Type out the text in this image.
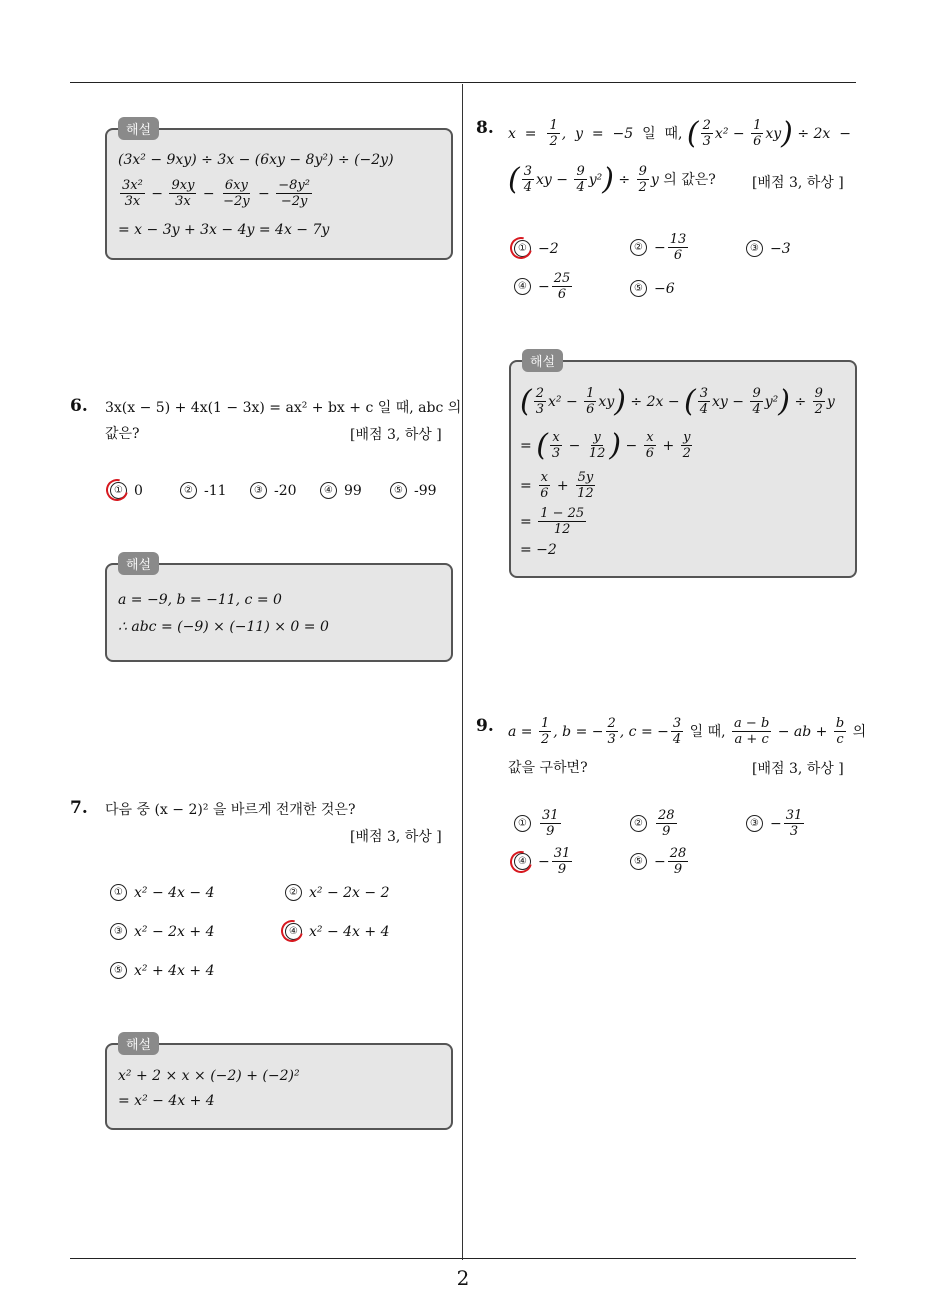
2
해설
(3x² − 9xy) ÷ 3x − (6xy − 8y²) ÷ (−2y)
$\frac{\text{3x²}}{3x} - \frac{9xy}{3x} - \frac{6xy}{-2y} - \frac{\text{−8y²}}{-2y}$
= x − 3y + 3x − 4y = 4x − 7y
6. 3x(x − 5) + 4x(1 − 3x) = ax² + bx + c 일 때, abc 의
값은?	[배점 3, 하상 ]
① 0	② -11	③ -20	④ 99	⑤ -99
해설
a = −9, b = −11, c = 0
∴ abc = (−9) × (−11) × 0 = 0
7. 다음 중 (x − 2)² 을 바르게 전개한 것은?
[배점 3, 하상 ]
① x² − 4x − 4	② x² − 2x − 2
③ x² − 2x + 4	④ x² − 4x + 4
⑤ x² + 4x + 4
해설
x² + 2 × x × (−2) + (−2)²
= x² − 4x + 4
8. $x = \frac{1}{2}$ ,  y  =  −5 일  때,
( $\frac{2}{3} x^2 - \frac{1}{6}$ xy ) ÷ 2x  −
( $\frac{3}{4}$ xy − $\frac{9}{4} y^2$ ) ÷ $\frac{9}{2}$ y 의 값은?	[배점 3, 하상 ]
① −2	② − $\frac{13}{6}$	③ −3
④ − $\frac{25}{6}$	⑤ −6
해설
( $\frac{2}{3} x^2 - \frac{1}{6}$ xy ) ÷ 2x − ( $\frac{3}{4}$ xy − $\frac{9}{4} y^2$ ) ÷ $\frac{9}{2}$ y
= ( $\frac{x}{3} - \frac{y}{12}$ ) − $\frac{x}{6} + \frac{y}{2}$
= $\frac{x}{6} + \frac{5y}{12}$
= $\frac{1 - 25}{12}$
= −2
9. $a = \frac{1}{2}$ , b = − $\frac{2}{3}$ , c = − $\frac{3}{4}$
일 때,
$\frac{a - b}{a + c}$ − ab + $\frac{b}{c}$
의
값을 구하면?	[배점 3, 하상 ]
①	$\frac{31}{9}$	②	$\frac{28}{9}$	③ − $\frac{31}{3}$
④ − $\frac{31}{9}$	⑤ − $\frac{28}{9}$
